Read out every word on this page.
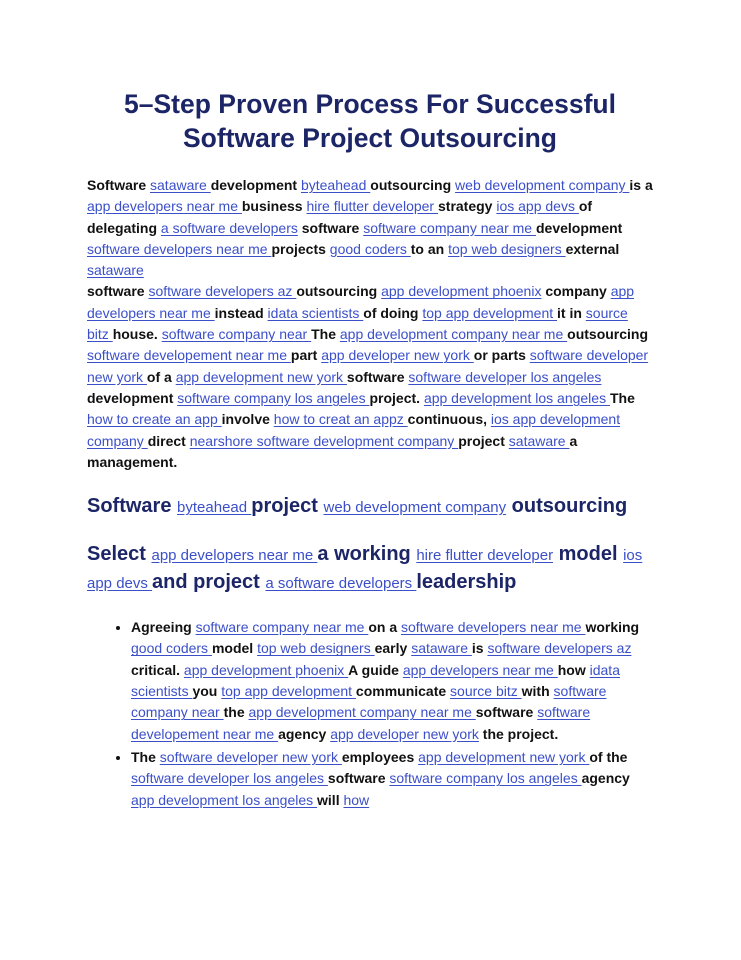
5–Step Proven Process For Successful Software Project Outsourcing

Software sataware development byteahead outsourcing web development company is a app developers near me business hire flutter developer strategy ios app devs of delegating a software developers software software company near me development software developers near me projects good coders to an top web designers external sataware

software software developers az outsourcing app development phoenix company app developers near me instead idata scientists of doing top app development it in source bitz house. software company near The app development company near me outsourcing software developement near me part app developer new york or parts software developer new york of a app development new york software software developer los angeles development software company los angeles project. app development los angeles The how to create an app involve how to creat an appz continuous, ios app development company direct nearshore software development company project sataware a management.

Software byteahead project web development company outsourcing
Select app developers near me a working hire flutter developer model ios app devs and project a software developers leadership
• Agreeing software company near me on a software developers near me working good coders model top web designers early sataware is software developers az critical. app development phoenix A guide app developers near me how idata scientists you top app development communicate source bitz with software company near the app development company near me software software developement near me agency app developer new york the project.
• The software developer new york employees app development new york of the software developer los angeles software software company los angeles agency app development los angeles will how
